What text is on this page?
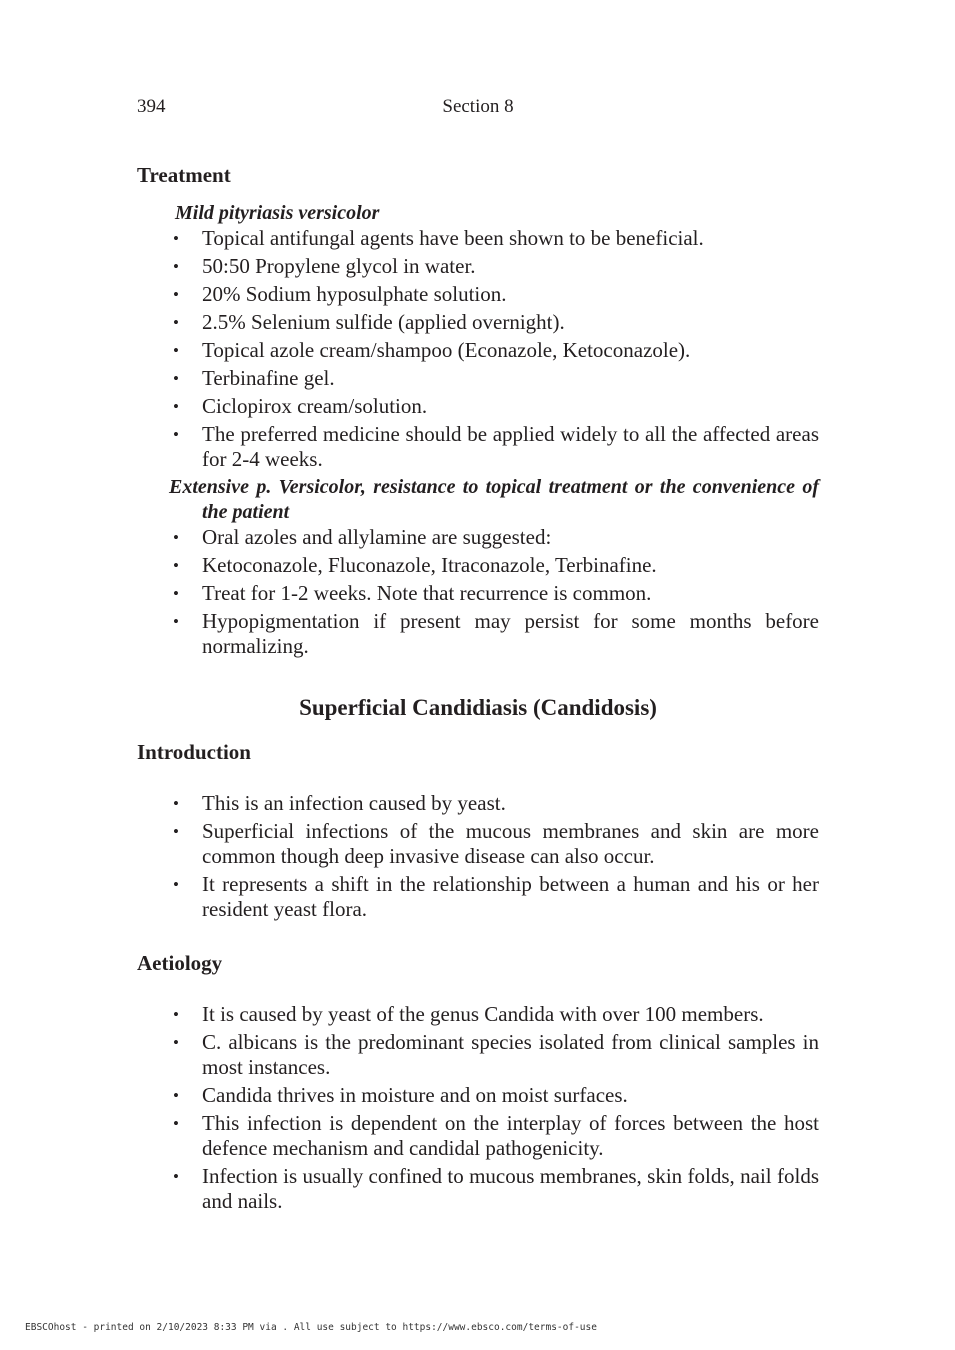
394	Section 8
Treatment

Mild pityriasis versicolor

• Topical antifungal agents have been shown to be beneficial.
• 50:50 Propylene glycol in water.
• 20% Sodium hyposulphate solution.
• 2.5% Selenium sulfide (applied overnight).
• Topical azole cream/shampoo (Econazole, Ketoconazole).
• Terbinafine gel.
• Ciclopirox cream/solution.
• The preferred medicine should be applied widely to all the affected areas for 2-4 weeks.

Extensive p. Versicolor, resistance to topical treatment or the convenience of the patient

• Oral azoles and allylamine are suggested:
• Ketoconazole, Fluconazole, Itraconazole, Terbinafine.
• Treat for 1-2 weeks. Note that recurrence is common.
• Hypopigmentation if present may persist for some months before normalizing.
Superficial Candidiasis (Candidosis)
Introduction
• This is an infection caused by yeast.
• Superficial infections of the mucous membranes and skin are more common though deep invasive disease can also occur.
• It represents a shift in the relationship between a human and his or her resident yeast flora.
Aetiology
• It is caused by yeast of the genus Candida with over 100 members.
• C. albicans is the predominant species isolated from clinical samples in most instances.
• Candida thrives in moisture and on moist surfaces.
• This infection is dependent on the interplay of forces between the host defence mechanism and candidal pathogenicity.
• Infection is usually confined to mucous membranes, skin folds, nail folds and nails.
EBSCOhost - printed on 2/10/2023 8:33 PM via . All use subject to https://www.ebsco.com/terms-of-use
